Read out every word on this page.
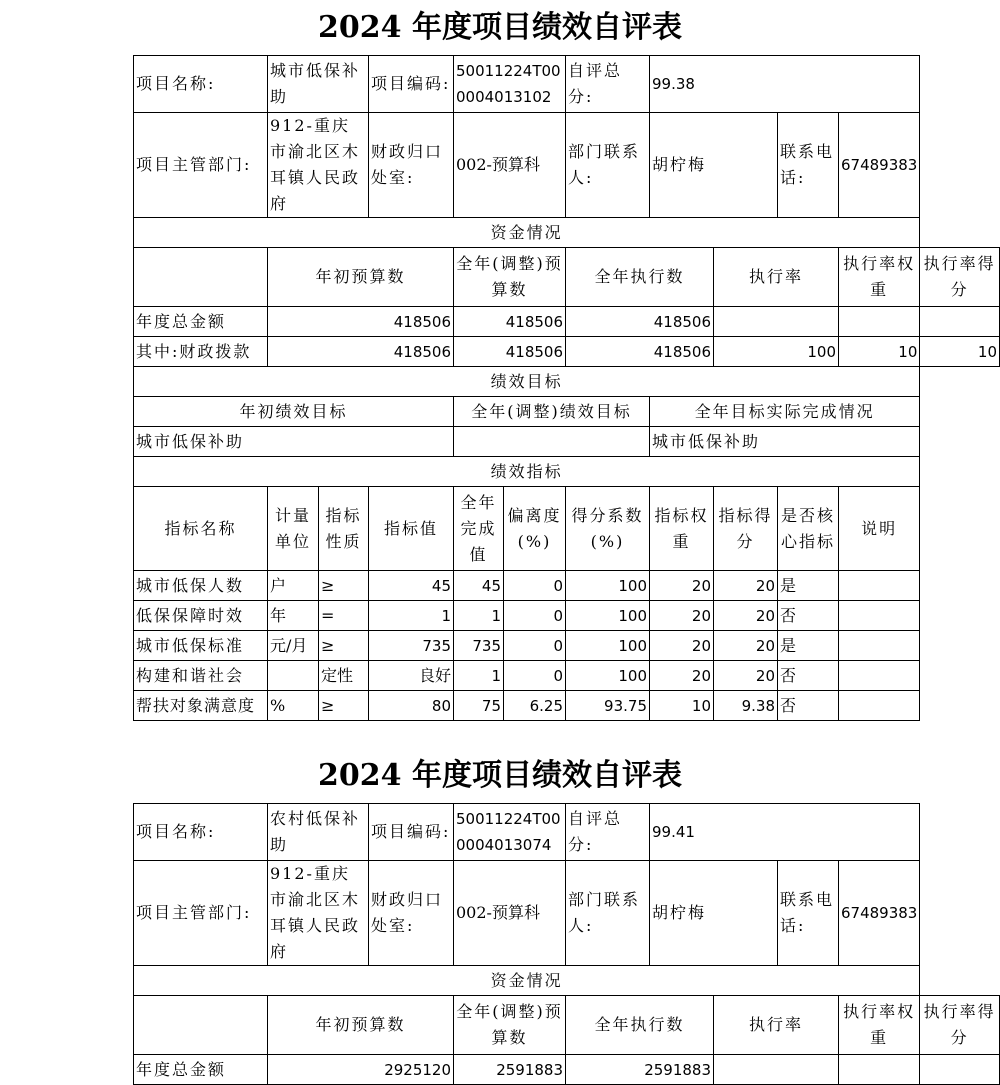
2024 年度项目绩效自评表
项目名称:	城市低保补助		项目编码:	50011224T000004013102		自评总分:	99.38				
项目主管部门:	912-重庆市渝北区木耳镇人民政府		财政归口处室:	002-预算科		部门联系人:	胡柠梅		联系电话:	67489383	
资金情况											
	年初预算数			全年(调整)预算数		全年执行数		执行率		执行率权重	执行率得分
年度总金额	418506			418506		418506					
其中:财政拨款	418506			418506		418506		100		10	10
绩效目标											
年初绩效目标				全年(调整)绩效目标			全年目标实际完成情况				
城市低保补助							城市低保补助				
绩效指标											
指标名称	计量单位	指标性质	指标值	全年完成值	偏离度(%)	得分系数(%)	指标权重	指标得分	是否核心指标	说明	
城市低保人数	户	≥	45	45	0	100	20	20	是		
低保保障时效	年	=	1	1	0	100	20	20	否		
城市低保标准	元/月	≥	735	735	0	100	20	20	是		
构建和谐社会		定性	良好	1	0	100	20	20	否		
帮扶对象满意度	%	≥	80	75	6.25	93.75	10	9.38	否		
2024 年度项目绩效自评表
项目名称:	农村低保补助	项目编码:	50011224T000004013074	自评总分:	99.41				
项目主管部门:	912-重庆市渝北区木耳镇人民政府	财政归口处室:	002-预算科	部门联系人:	胡柠梅		联系电话:	67489383	
资金情况									
	年初预算数		全年(调整)预算数	全年执行数		执行率		执行率权重	执行率得分
年度总金额	2925120		2591883	2591883					
